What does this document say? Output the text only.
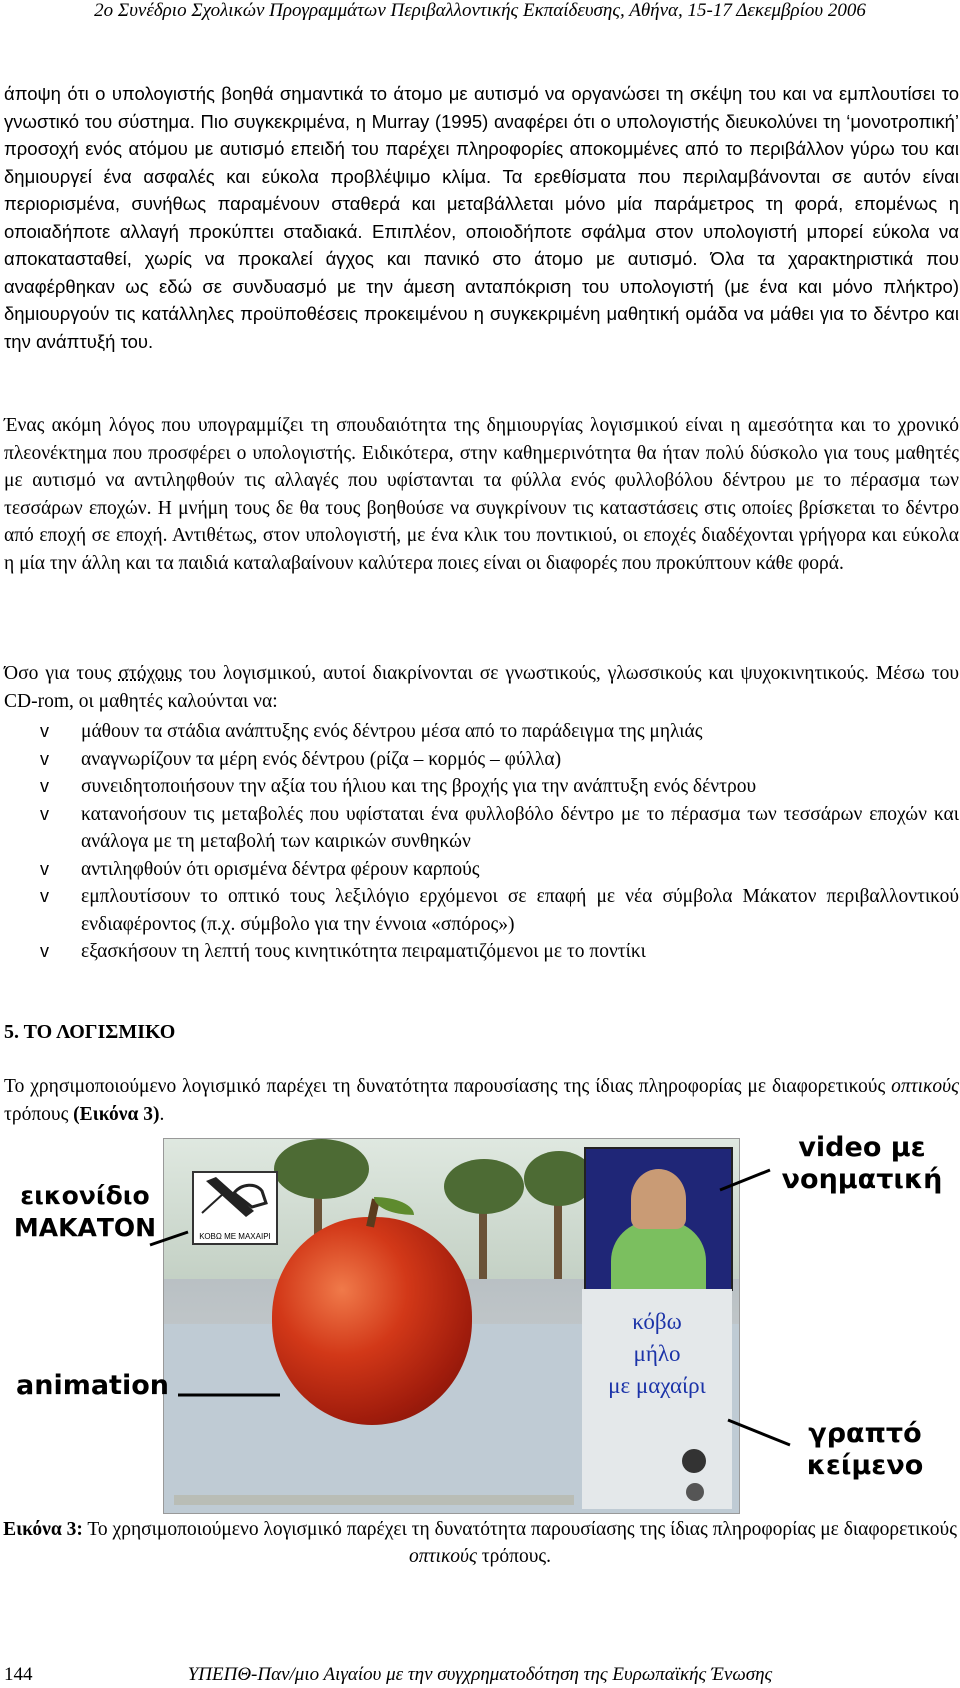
2ο Συνέδριο Σχολικών Προγραμμάτων Περιβαλλοντικής Εκπαίδευσης, Αθήνα, 15-17 Δεκεμβρίου 2006

άποψη ότι ο υπολογιστής βοηθά σημαντικά το άτομο με αυτισμό να οργανώσει τη σκέψη του και να εμπλουτίσει το γνωστικό του σύστημα. Πιο συγκεκριμένα, η Murray (1995) αναφέρει ότι ο υπολογιστής διευκολύνει τη ‘μονοτροπική’ προσοχή ενός ατόμου με αυτισμό επειδή του παρέχει πληροφορίες αποκομμένες από το περιβάλλον γύρω του και δημιουργεί ένα ασφαλές και εύκολα προβλέψιμο κλίμα. Τα ερεθίσματα που περιλαμβάνονται σε αυτόν είναι περιορισμένα, συνήθως παραμένουν σταθερά και μεταβάλλεται μόνο μία παράμετρος τη φορά, επομένως η οποιαδήποτε αλλαγή προκύπτει σταδιακά. Επιπλέον, οποιοδήποτε σφάλμα στον υπολογιστή μπορεί εύκολα να αποκατασταθεί, χωρίς να προκαλεί άγχος και πανικό στο άτομο με αυτισμό. Όλα τα χαρακτηριστικά που αναφέρθηκαν ως εδώ σε συνδυασμό με την άμεση ανταπόκριση του υπολογιστή (με ένα και μόνο πλήκτρο) δημιουργούν τις κατάλληλες προϋποθέσεις προκειμένου η συγκεκριμένη μαθητική ομάδα να μάθει για το δέντρο και την ανάπτυξή του.

Ένας ακόμη λόγος που υπογραμμίζει τη σπουδαιότητα της δημιουργίας λογισμικού είναι η αμεσότητα και το χρονικό πλεονέκτημα που προσφέρει ο υπολογιστής. Ειδικότερα, στην καθημερινότητα θα ήταν πολύ δύσκολο για τους μαθητές με αυτισμό να αντιληφθούν τις αλλαγές που υφίστανται τα φύλλα ενός φυλλοβόλου δέντρου με το πέρασμα των τεσσάρων εποχών. Η μνήμη τους δε θα τους βοηθούσε να συγκρίνουν τις καταστάσεις στις οποίες βρίσκεται το δέντρο από εποχή σε εποχή. Αντιθέτως, στον υπολογιστή, με ένα κλικ του ποντικιού, οι εποχές διαδέχονται γρήγορα και εύκολα η μία την άλλη και τα παιδιά καταλαβαίνουν καλύτερα ποιες είναι οι διαφορές που προκύπτουν κάθε φορά.

Όσο για τους στόχους του λογισμικού, αυτοί διακρίνονται σε γνωστικούς, γλωσσικούς και ψυχοκινητικούς. Μέσω του CD-rom, οι μαθητές καλούνται να:

v μάθουν τα στάδια ανάπτυξης ενός δέντρου μέσα από το παράδειγμα της μηλιάς
v αναγνωρίζουν τα μέρη ενός δέντρου (ρίζα – κορμός – φύλλα)
v συνειδητοποιήσουν την αξία του ήλιου και της βροχής για την ανάπτυξη ενός δέντρου
v κατανοήσουν τις μεταβολές που υφίσταται ένα φυλλοβόλο δέντρο με το πέρασμα των τεσσάρων εποχών και ανάλογα με τη μεταβολή των καιρικών συνθηκών
v αντιληφθούν ότι ορισμένα δέντρα φέρουν καρπούς
v εμπλουτίσουν το οπτικό τους λεξιλόγιο ερχόμενοι σε επαφή με νέα σύμβολα Μάκατον περιβαλλοντικού ενδιαφέροντος (π.χ. σύμβολο για την έννοια «σπόρος»)
v εξασκήσουν τη λεπτή τους κινητικότητα πειραματιζόμενοι με το ποντίκι
5. ΤΟ ΛΟΓΙΣΜΙΚΟ

Το χρησιμοποιούμενο λογισμικό παρέχει τη δυνατότητα παρουσίασης της ίδιας πληροφορίας με διαφορετικούς οπτικούς τρόπους (Εικόνα 3).

ΚΟΒΩ ΜΕ ΜΑΧΑΙΡΙ
κόβω
μήλο
με μαχαίρι
εικονίδιο
ΜΑΚΑΤΟΝ
animation
video με
νοηματική
γραπτό
κείμενο
Εικόνα 3: Το χρησιμοποιούμενο λογισμικό παρέχει τη δυνατότητα παρουσίασης της ίδιας πληροφορίας με διαφορετικούς
οπτικούς τρόπους.
144	ΥΠΕΠΘ-Παν/μιο Αιγαίου με την συγχρηματοδότηση της Ευρωπαϊκής Ένωσης
